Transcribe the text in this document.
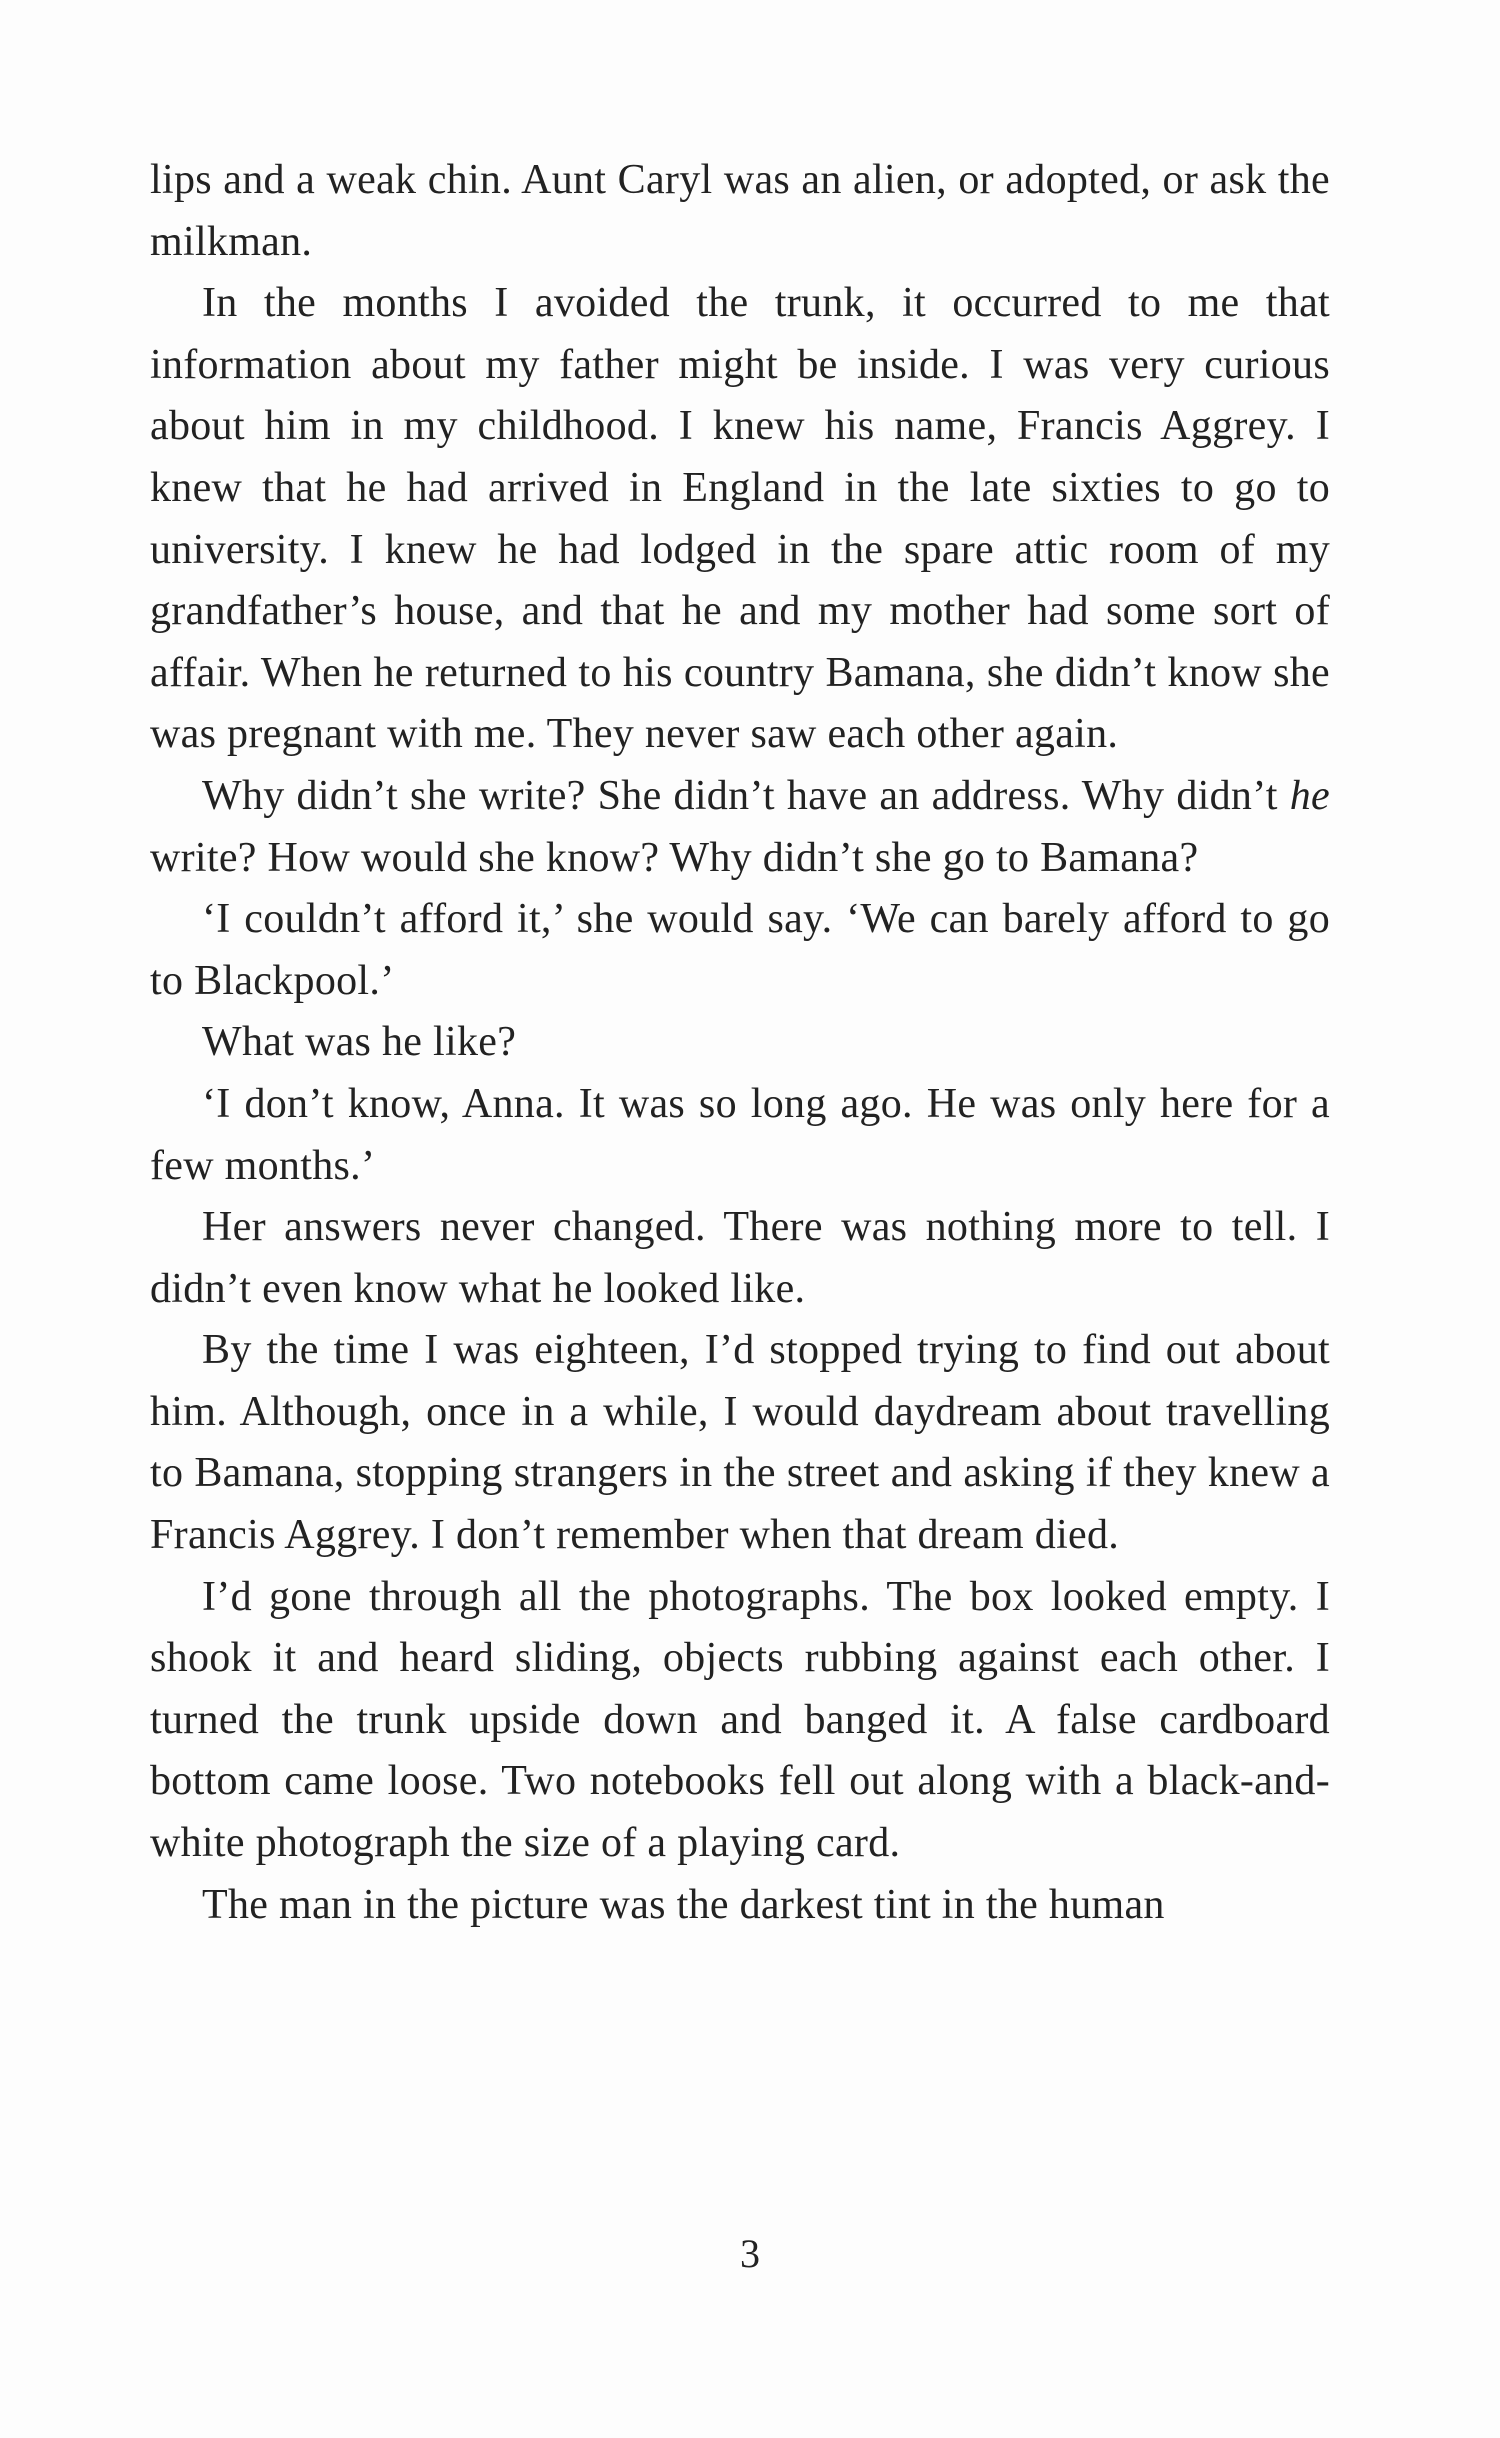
lips and a weak chin. Aunt Caryl was an alien, or adopted, or ask the milkman.

In the months I avoided the trunk, it occurred to me that information about my father might be inside. I was very curious about him in my childhood. I knew his name, Francis Aggrey. I knew that he had arrived in England in the late sixties to go to university. I knew he had lodged in the spare attic room of my grandfather’s house, and that he and my mother had some sort of affair. When he returned to his country Bamana, she didn’t know she was pregnant with me. They never saw each other again.

Why didn’t she write? She didn’t have an address. Why didn’t he write? How would she know? Why didn’t she go to Bamana?

‘I couldn’t afford it,’ she would say. ‘We can barely afford to go to Blackpool.’

What was he like?

‘I don’t know, Anna. It was so long ago. He was only here for a few months.’

Her answers never changed. There was nothing more to tell. I didn’t even know what he looked like.

By the time I was eighteen, I’d stopped trying to find out about him. Although, once in a while, I would daydream about travelling to Bamana, stopping strangers in the street and asking if they knew a Francis Aggrey. I don’t remember when that dream died.

I’d gone through all the photographs. The box looked empty. I shook it and heard sliding, objects rubbing against each other. I turned the trunk upside down and banged it. A false cardboard bottom came loose. Two notebooks fell out along with a black-and-white photograph the size of a playing card.

The man in the picture was the darkest tint in the human

3
